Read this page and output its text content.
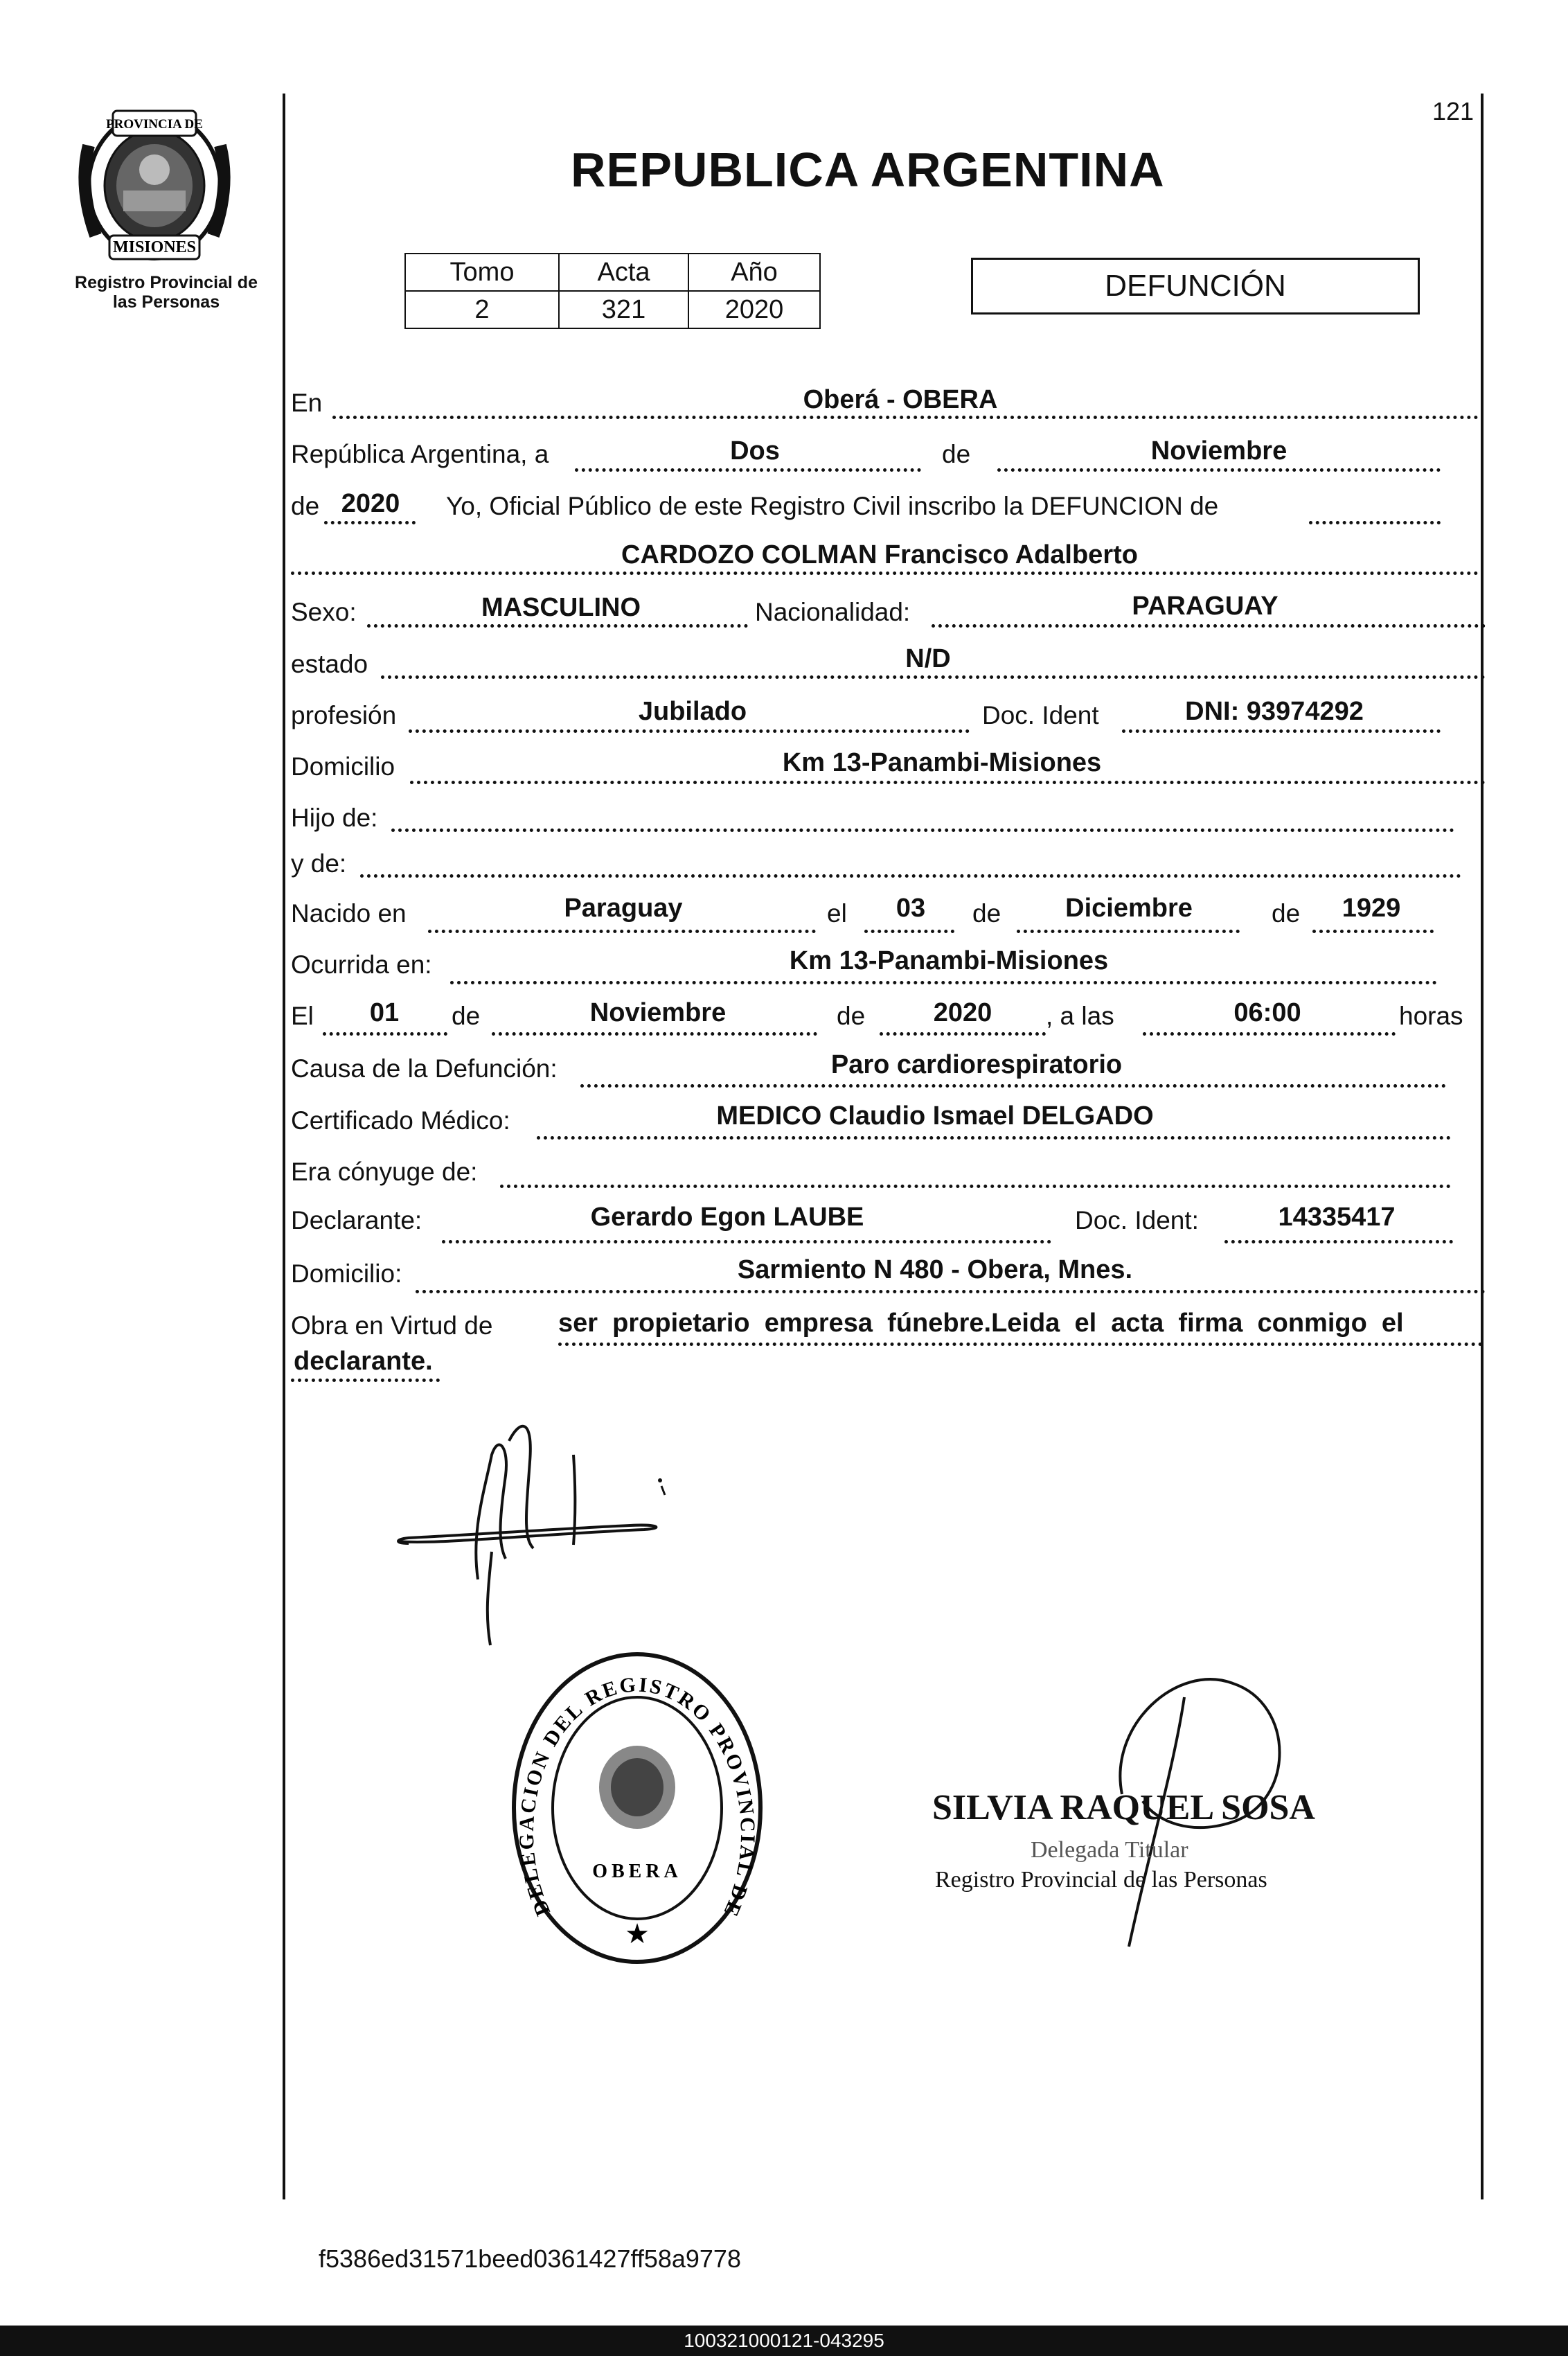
PROVINCIA DE
MISIONES
Registro Provincial de
las Personas
121
REPUBLICA ARGENTINA
Tomo	Acta	Año
2	321	2020
DEFUNCIÓN
En	Oberá - OBERA
República Argentina, a	Dos	de	Noviembre
de 2020	Yo, Oficial Público de este Registro Civil inscribo la DEFUNCION de
CARDOZO COLMAN Francisco Adalberto
Sexo:	MASCULINO	Nacionalidad:	PARAGUAY
estado	N/D
profesión	Jubilado	Doc. Ident	DNI: 93974292
Domicilio	Km 13-Panambi-Misiones
Hijo de:
y de:
Nacido en	Paraguay	el	03	de	Diciembre	de	1929
Ocurrida en:	Km 13-Panambi-Misiones
El	01	de	Noviembre	de	2020	, a las	06:00	horas
Causa de la Defunción:	Paro cardiorespiratorio
Certificado Médico:	MEDICO Claudio Ismael DELGADO
Era cónyuge de:
Declarante:	Gerardo Egon LAUBE	Doc. Ident:	14335417
Domicilio:	Sarmiento N 480 - Obera, Mnes.
Obra en Virtud de ser  propietario  empresa  fúnebre.Leida  el  acta  firma  conmigo  el
declarante.
DELEGACION DEL REGISTRO PROVINCIAL DE
OBERA
★
SILVIA RAQUEL SOSA
Delegada Titular
Registro Provincial de las Personas
f5386ed31571beed0361427ff58a9778
100321000121-043295
